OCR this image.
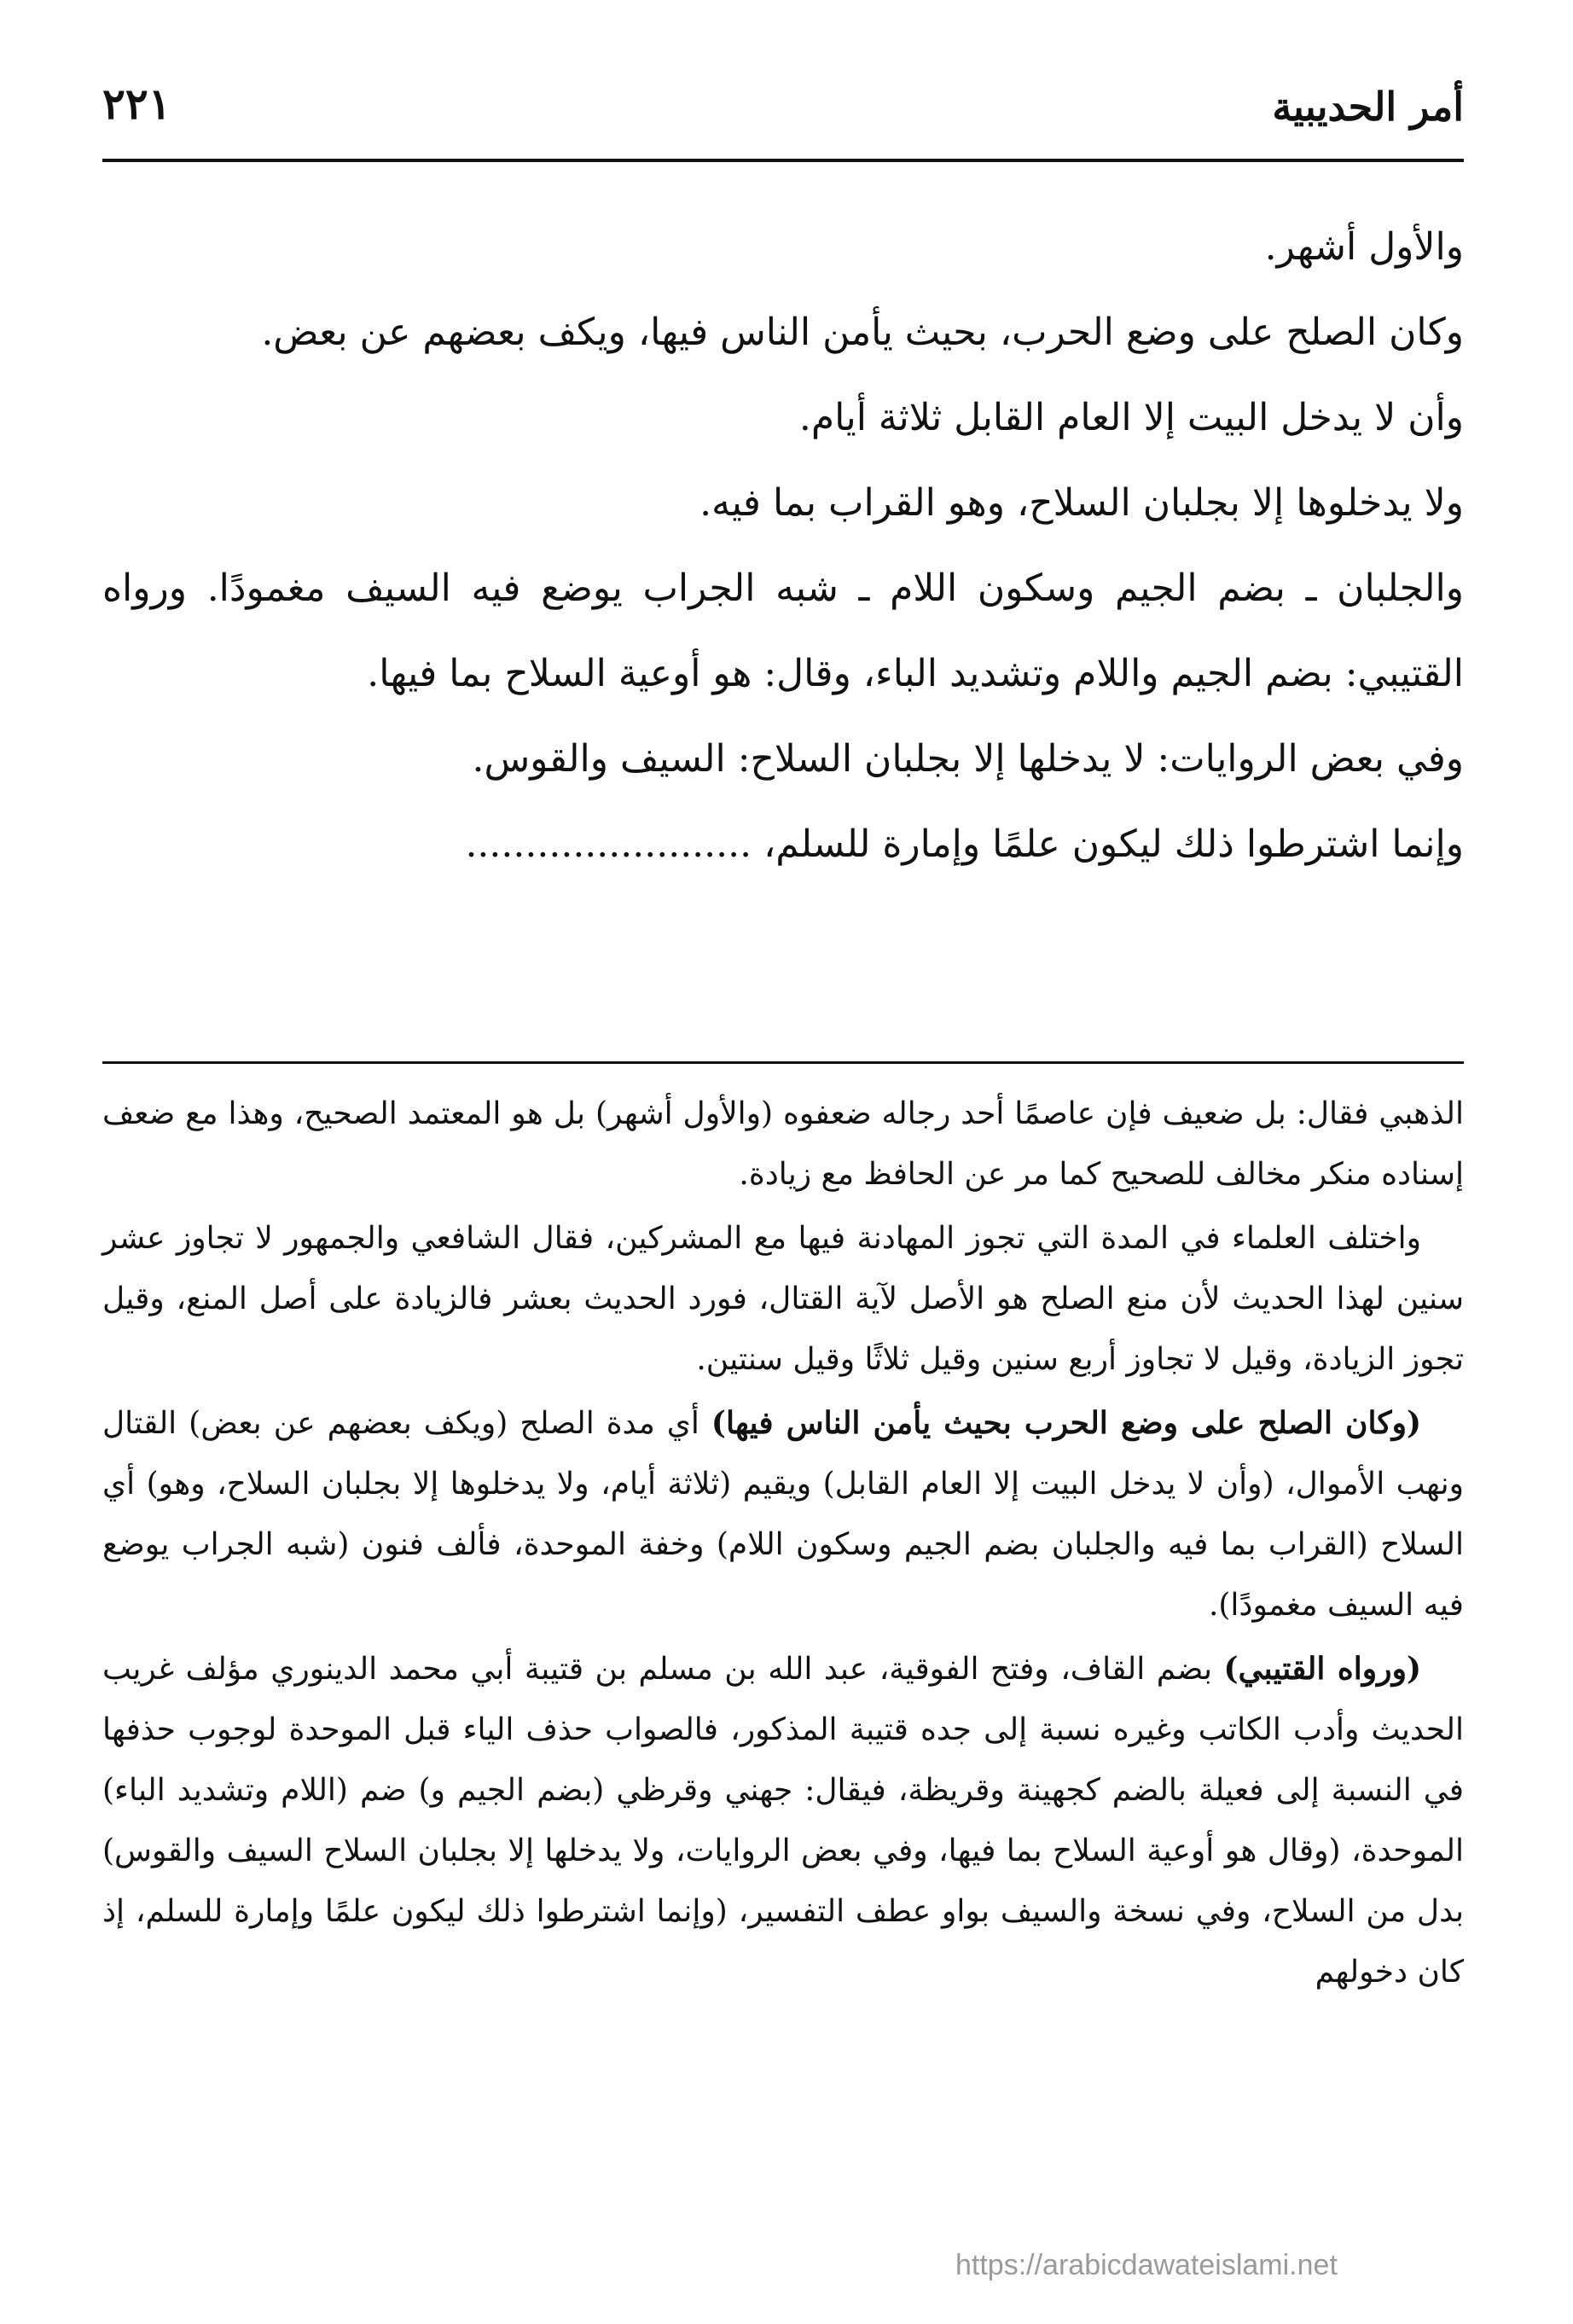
أمر الحديبية
٢٢١

والأول أشهر.

وكان الصلح على وضع الحرب، بحيث يأمن الناس فيها، ويكف بعضهم عن بعض.

وأن لا يدخل البيت إلا العام القابل ثلاثة أيام.

ولا يدخلوها إلا بجلبان السلاح، وهو القراب بما فيه.

والجلبان ـ بضم الجيم وسكون اللام ـ شبه الجراب يوضع فيه السيف مغمودًا. ورواه القتيبي: بضم الجيم واللام وتشديد الباء، وقال: هو أوعية السلاح بما فيها.

وفي بعض الروايات: لا يدخلها إلا بجلبان السلاح: السيف والقوس.

وإنما اشترطوا ذلك ليكون علمًا وإمارة للسلم، ........................

الذهبي فقال: بل ضعيف فإن عاصمًا أحد رجاله ضعفوه (والأول أشهر) بل هو المعتمد الصحيح، وهذا مع ضعف إسناده منكر مخالف للصحيح كما مر عن الحافظ مع زيادة.

واختلف العلماء في المدة التي تجوز المهادنة فيها مع المشركين، فقال الشافعي والجمهور لا تجاوز عشر سنين لهذا الحديث لأن منع الصلح هو الأصل لآية القتال، فورد الحديث بعشر فالزيادة على أصل المنع، وقيل تجوز الزيادة، وقيل لا تجاوز أربع سنين وقيل ثلاثًا وقيل سنتين.

(وكان الصلح على وضع الحرب بحيث يأمن الناس فيها) أي مدة الصلح (ويكف بعضهم عن بعض) القتال ونهب الأموال، (وأن لا يدخل البيت إلا العام القابل) ويقيم (ثلاثة أيام، ولا يدخلوها إلا بجلبان السلاح، وهو) أي السلاح (القراب بما فيه والجلبان بضم الجيم وسكون اللام) وخفة الموحدة، فألف فنون (شبه الجراب يوضع فيه السيف مغمودًا).

(ورواه القتيبي) بضم القاف، وفتح الفوقية، عبد الله بن مسلم بن قتيبة أبي محمد الدينوري مؤلف غريب الحديث وأدب الكاتب وغيره نسبة إلى جده قتيبة المذكور، فالصواب حذف الياء قبل الموحدة لوجوب حذفها في النسبة إلى فعيلة بالضم كجهينة وقريظة، فيقال: جهني وقرظي (بضم الجيم و) ضم (اللام وتشديد الباء) الموحدة، (وقال هو أوعية السلاح بما فيها، وفي بعض الروايات، ولا يدخلها إلا بجلبان السلاح السيف والقوس) بدل من السلاح، وفي نسخة والسيف بواو عطف التفسير، (وإنما اشترطوا ذلك ليكون علمًا وإمارة للسلم، إذ كان دخولهم

https://arabicdawateislami.net
